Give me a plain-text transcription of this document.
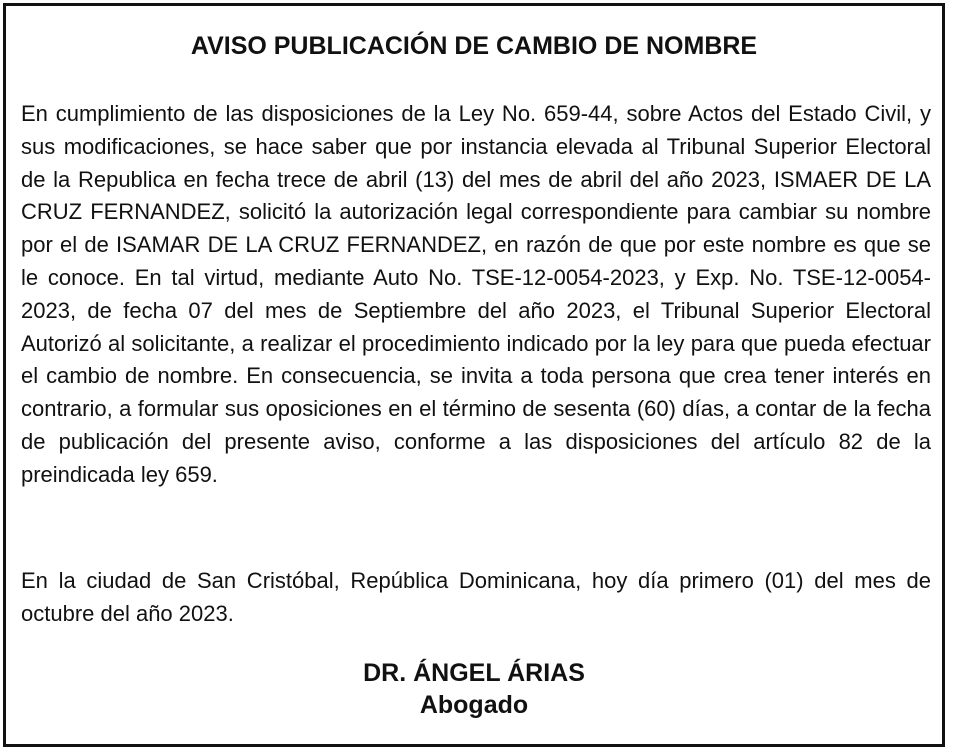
AVISO PUBLICACIÓN DE CAMBIO DE NOMBRE

En cumplimiento de las disposiciones de la Ley No. 659-44, sobre Actos del Estado Civil, y sus modificaciones, se hace saber que por instancia elevada al Tribunal Superior Electoral de la Republica en fecha trece de abril (13) del mes de abril del año 2023, ISMAER DE LA CRUZ FERNANDEZ, solicitó la autorización legal correspondiente para cambiar su nombre por el de ISAMAR DE LA CRUZ FERNANDEZ, en razón de que por este nombre es que se le conoce. En tal virtud, mediante Auto No. TSE-12-0054-2023, y Exp. No. TSE-12-0054-2023, de fecha 07 del mes de Septiembre del año 2023, el Tribunal Superior Electoral Autorizó al solicitante, a realizar el procedimiento indicado por la ley para que pueda efectuar el cambio de nombre. En consecuencia, se invita a toda persona que crea tener interés en contrario, a formular sus oposiciones en el término de sesenta (60) días, a contar de la fecha de publicación del presente aviso, conforme a las disposiciones del artículo 82 de la preindicada ley 659.

En la ciudad de San Cristóbal, República Dominicana, hoy día primero (01) del mes de octubre del año 2023.

DR. ÁNGEL ÁRIAS
Abogado
